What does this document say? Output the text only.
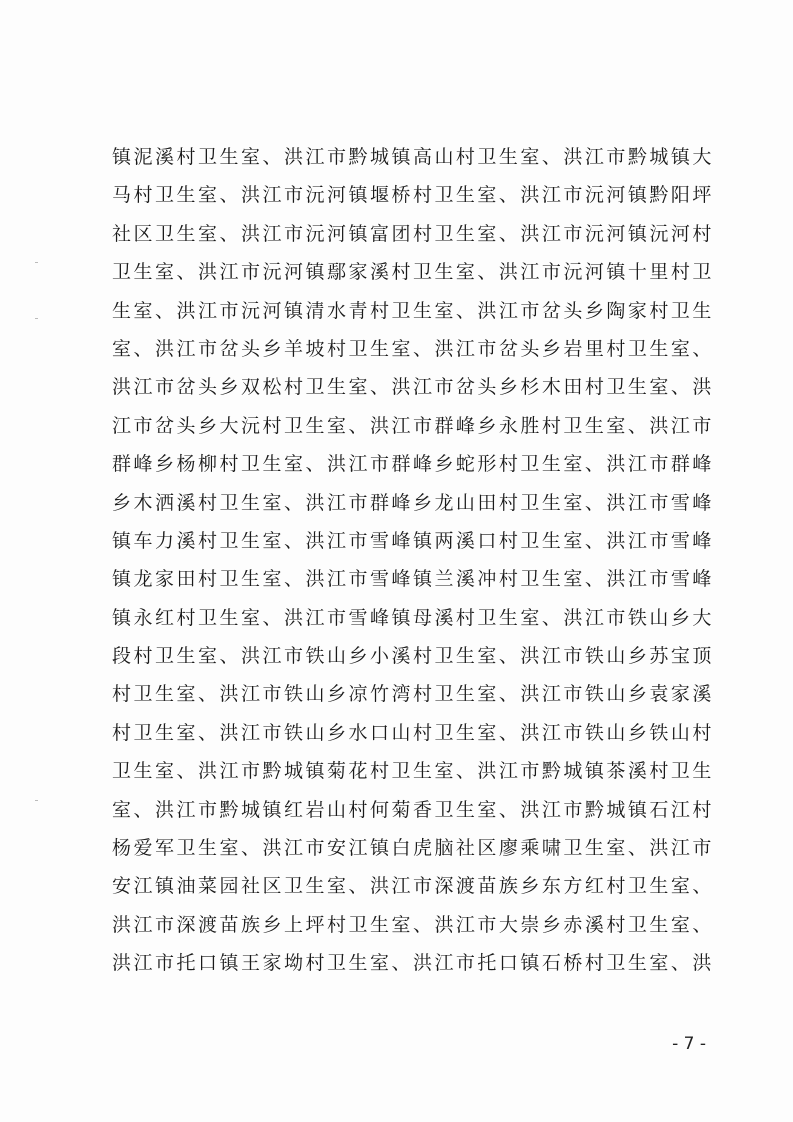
镇泥溪村卫生室、洪江市黔城镇高山村卫生室、洪江市黔城镇大
马村卫生室、洪江市沅河镇堰桥村卫生室、洪江市沅河镇黔阳坪
社区卫生室、洪江市沅河镇富团村卫生室、洪江市沅河镇沅河村
卫生室、洪江市沅河镇鄢家溪村卫生室、洪江市沅河镇十里村卫
生室、洪江市沅河镇清水青村卫生室、洪江市岔头乡陶家村卫生
室、洪江市岔头乡羊坡村卫生室、洪江市岔头乡岩里村卫生室、
洪江市岔头乡双松村卫生室、洪江市岔头乡杉木田村卫生室、洪
江市岔头乡大沅村卫生室、洪江市群峰乡永胜村卫生室、洪江市
群峰乡杨柳村卫生室、洪江市群峰乡蛇形村卫生室、洪江市群峰
乡木洒溪村卫生室、洪江市群峰乡龙山田村卫生室、洪江市雪峰
镇车力溪村卫生室、洪江市雪峰镇两溪口村卫生室、洪江市雪峰
镇龙家田村卫生室、洪江市雪峰镇兰溪冲村卫生室、洪江市雪峰
镇永红村卫生室、洪江市雪峰镇母溪村卫生室、洪江市铁山乡大
段村卫生室、洪江市铁山乡小溪村卫生室、洪江市铁山乡苏宝顶
村卫生室、洪江市铁山乡凉竹湾村卫生室、洪江市铁山乡袁家溪
村卫生室、洪江市铁山乡水口山村卫生室、洪江市铁山乡铁山村
卫生室、洪江市黔城镇菊花村卫生室、洪江市黔城镇茶溪村卫生
室、洪江市黔城镇红岩山村何菊香卫生室、洪江市黔城镇石江村
杨爱军卫生室、洪江市安江镇白虎脑社区廖乘啸卫生室、洪江市
安江镇油菜园社区卫生室、洪江市深渡苗族乡东方红村卫生室、
洪江市深渡苗族乡上坪村卫生室、洪江市大崇乡赤溪村卫生室、
洪江市托口镇王家坳村卫生室、洪江市托口镇石桥村卫生室、洪
- 7 -
